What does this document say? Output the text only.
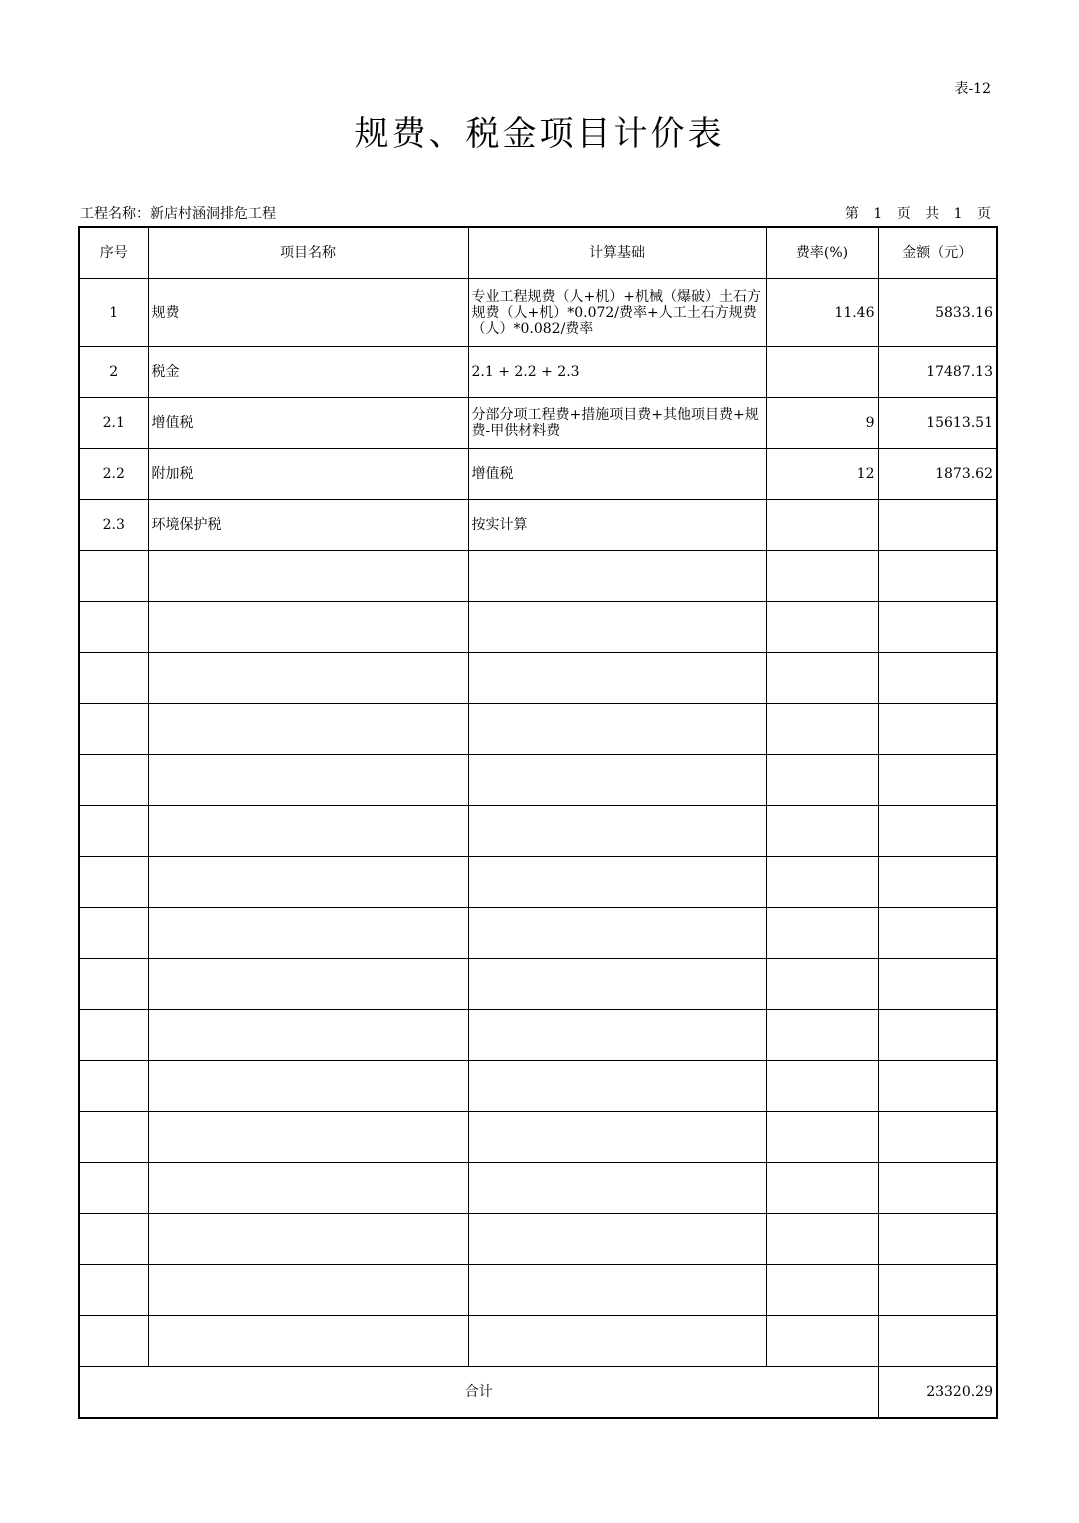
表-12
规费、税金项目计价表
工程名称：新店村涵洞排危工程	第 1 页 共 1 页
序号	项目名称	计算基础	费率(%)	金额（元）
1	规费	专业工程规费（人+机）+机械（爆破）土石方规费（人+机）*0.072/费率+人工土石方规费（人）*0.082/费率	11.46	5833.16
2	税金	2.1 + 2.2 + 2.3		17487.13
2.1	增值税	分部分项工程费+措施项目费+其他项目费+规费-甲供材料费	9	15613.51
2.2	附加税	增值税	12	1873.62
2.3	环境保护税	按实计算		

合计				23320.29
